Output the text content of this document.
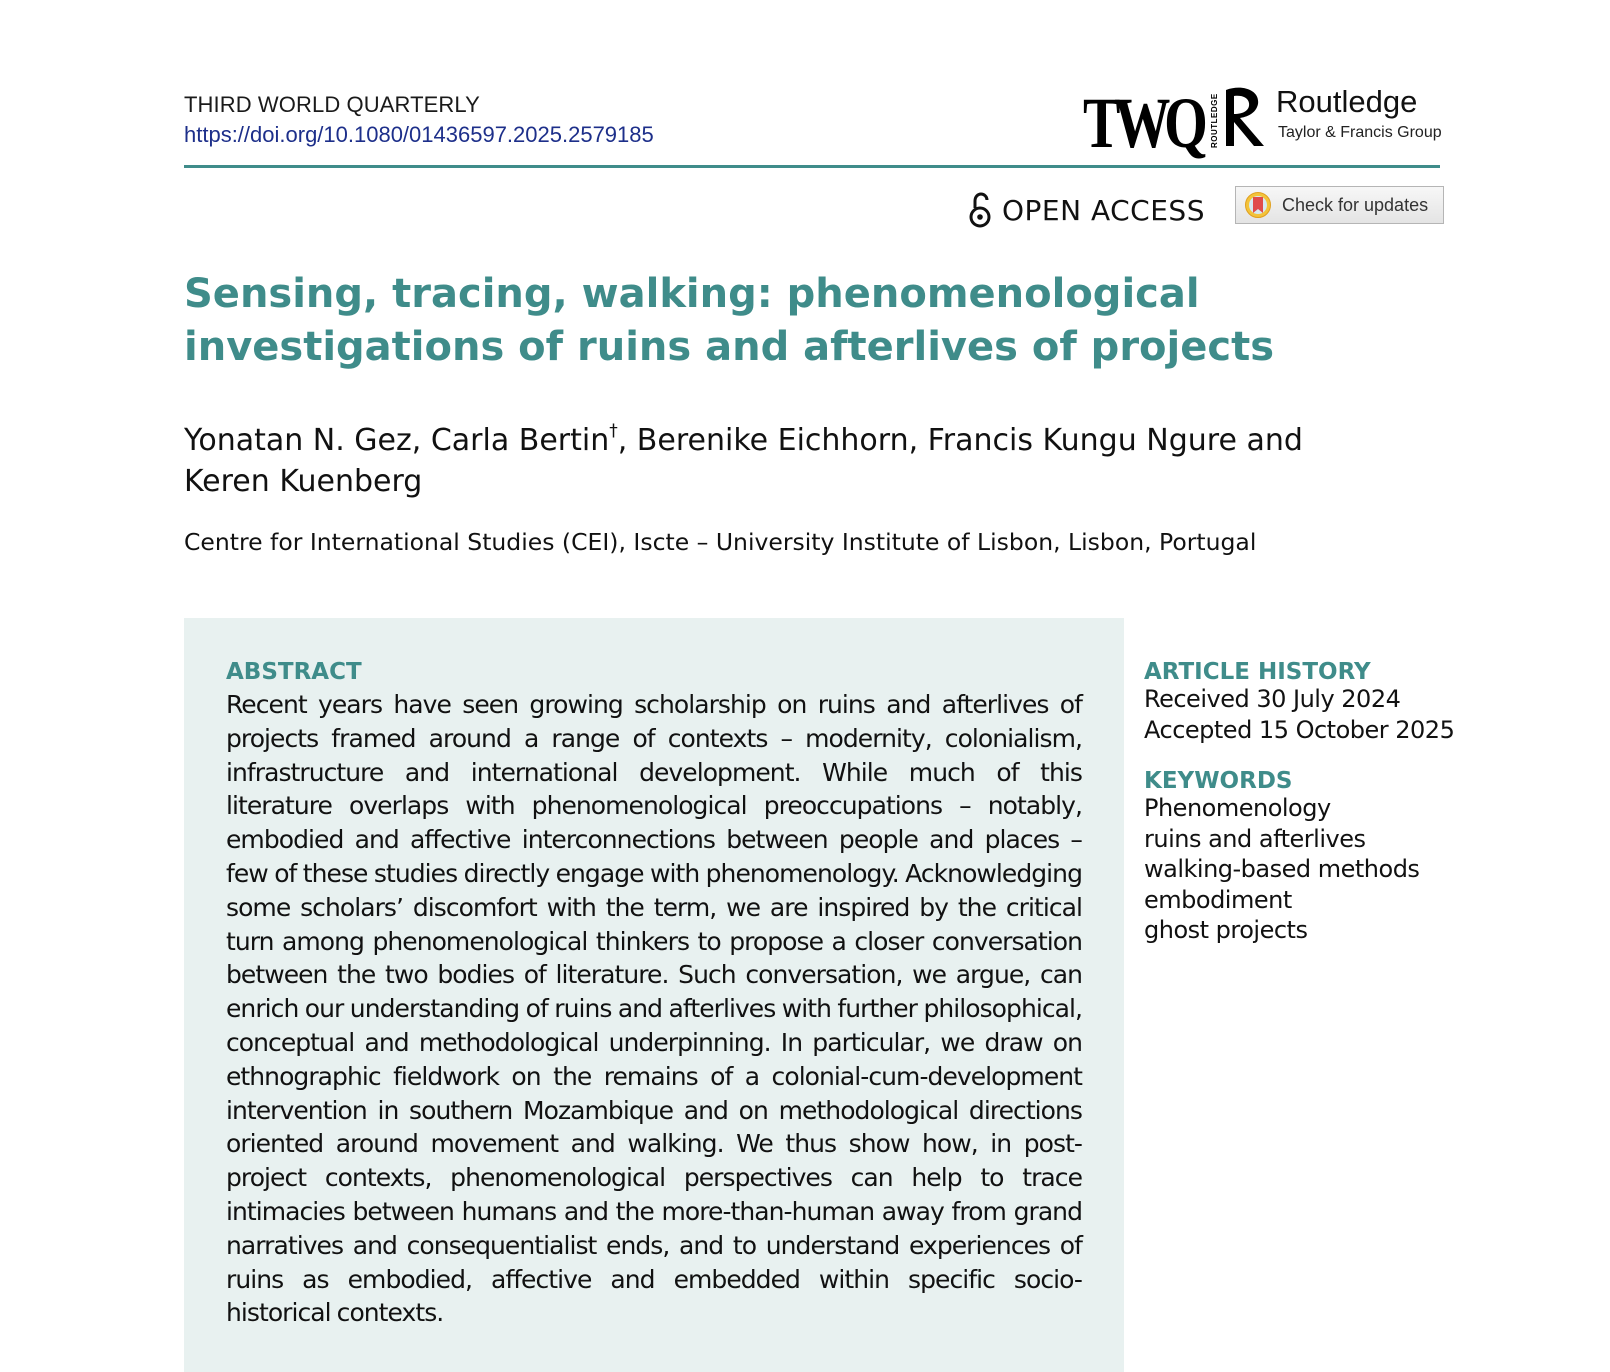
THIRD WORLD QUARTERLY
https://doi.org/10.1080/01436597.2025.2579185	TWQ ROUTLEDGE Routledge
Taylor & Francis Group
OPEN ACCESS	Check for updates
Sensing, tracing, walking: phenomenological investigations of ruins and afterlives of projects

Yonatan N. Gez, Carla Bertin†, Berenike Eichhorn, Francis Kungu Ngure and Keren Kuenberg

Centre for International Studies (CEI), Iscte – University Institute of Lisbon, Lisbon, Portugal

ABSTRACT

Recent years have seen growing scholarship on ruins and afterlives of projects framed around a range of contexts – modernity, colonialism, infrastructure and international development. While much of this literature overlaps with phenomenological preoccupations – notably, embodied and affective interconnections between people and places – few of these studies directly engage with phenomenology. Acknowledging some scholars’ discomfort with the term, we are inspired by the critical turn among phenomenological thinkers to propose a closer conversation between the two bodies of literature. Such conversation, we argue, can enrich our understanding of ruins and afterlives with further philosophical, conceptual and methodological underpinning. In particular, we draw on ethnographic fieldwork on the remains of a colonial-cum-development intervention in southern Mozambique and on methodological directions oriented around movement and walking. We thus show how, in post-project contexts, phenomenological perspectives can help to trace intimacies between humans and the more-than-human away from grand narratives and consequentialist ends, and to understand experiences of ruins as embodied, affective and embedded within specific socio-historical contexts.

ARTICLE HISTORY
Received 30 July 2024
Accepted 15 October 2025
KEYWORDS
Phenomenology
ruins and afterlives
walking-based methods
embodiment
ghost projects
